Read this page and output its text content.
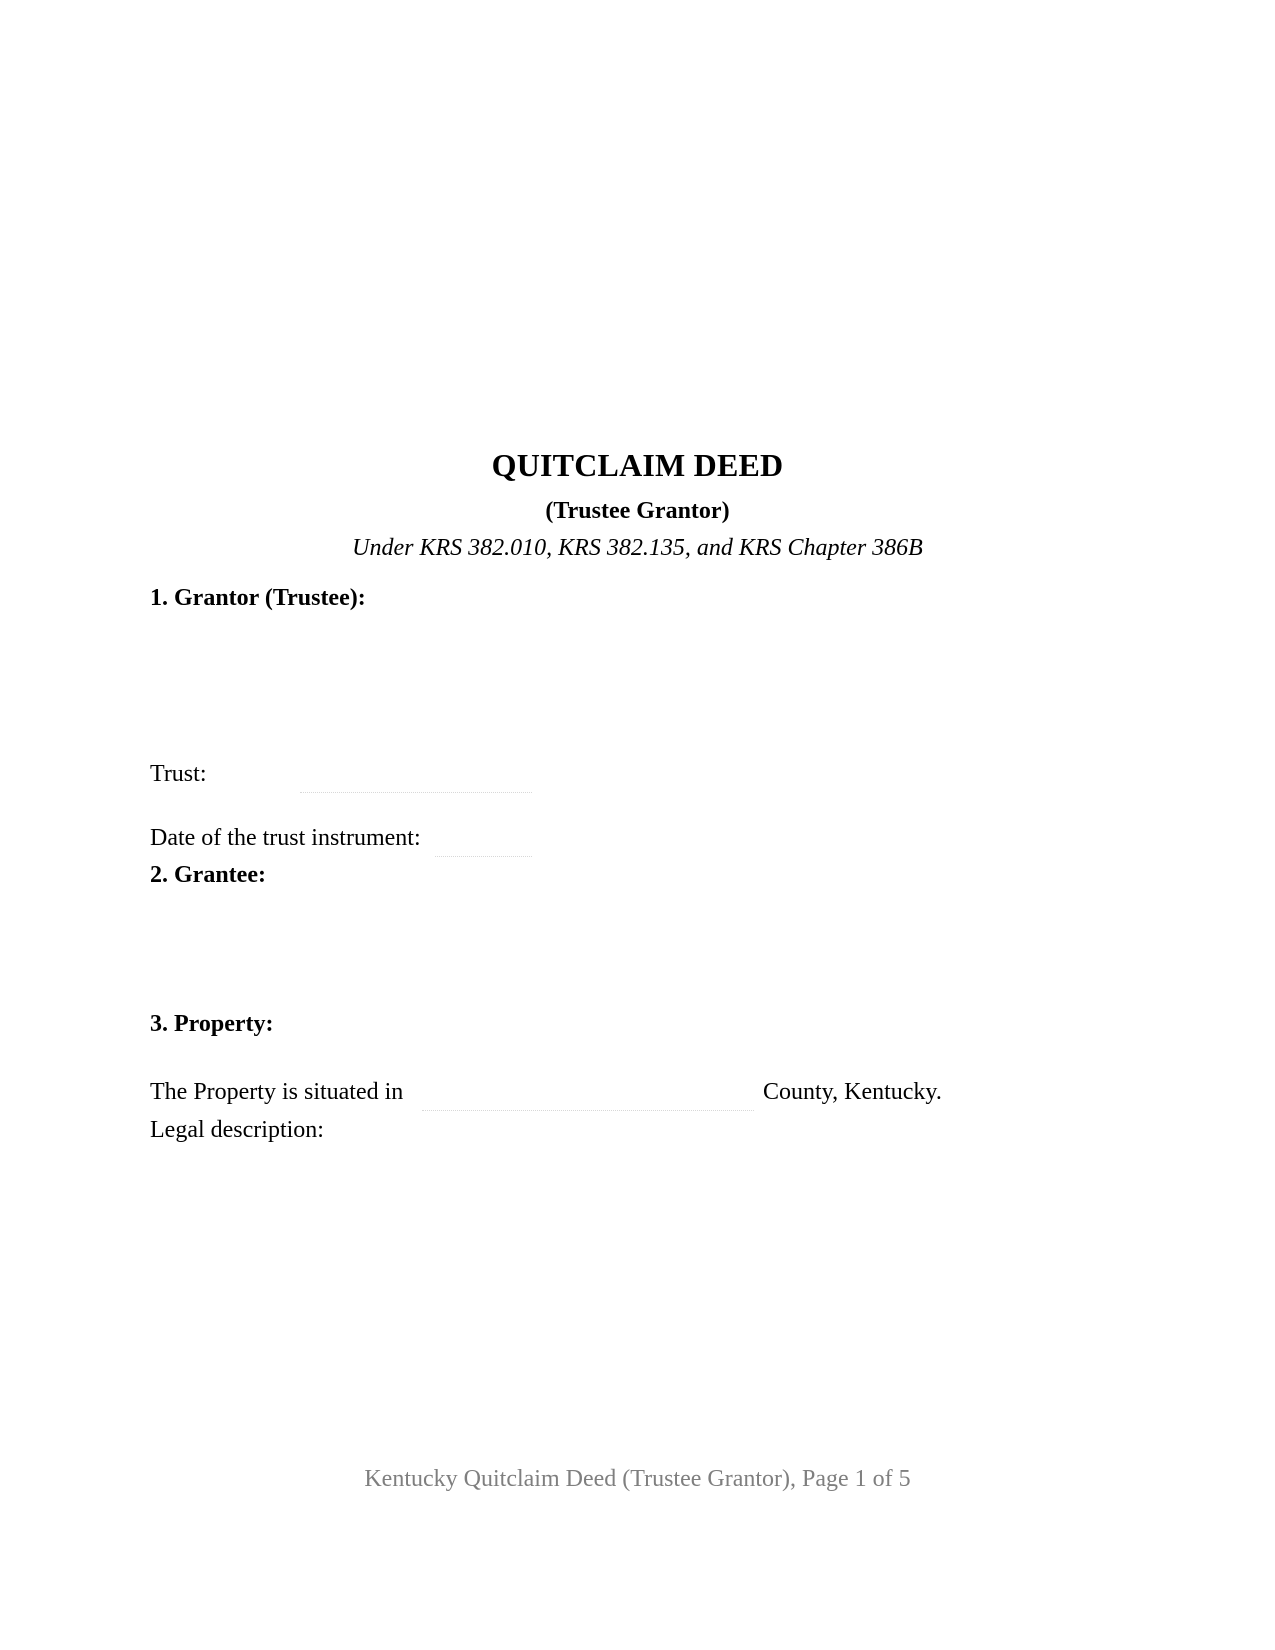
QUITCLAIM DEED
(Trustee Grantor)
Under KRS 382.010, KRS 382.135, and KRS Chapter 386B
1. Grantor (Trustee):
Trust:
Date of the trust instrument:
2. Grantee:
3. Property:
The Property is situated in	County, Kentucky.
Legal description:
Kentucky Quitclaim Deed (Trustee Grantor), Page 1 of 5
